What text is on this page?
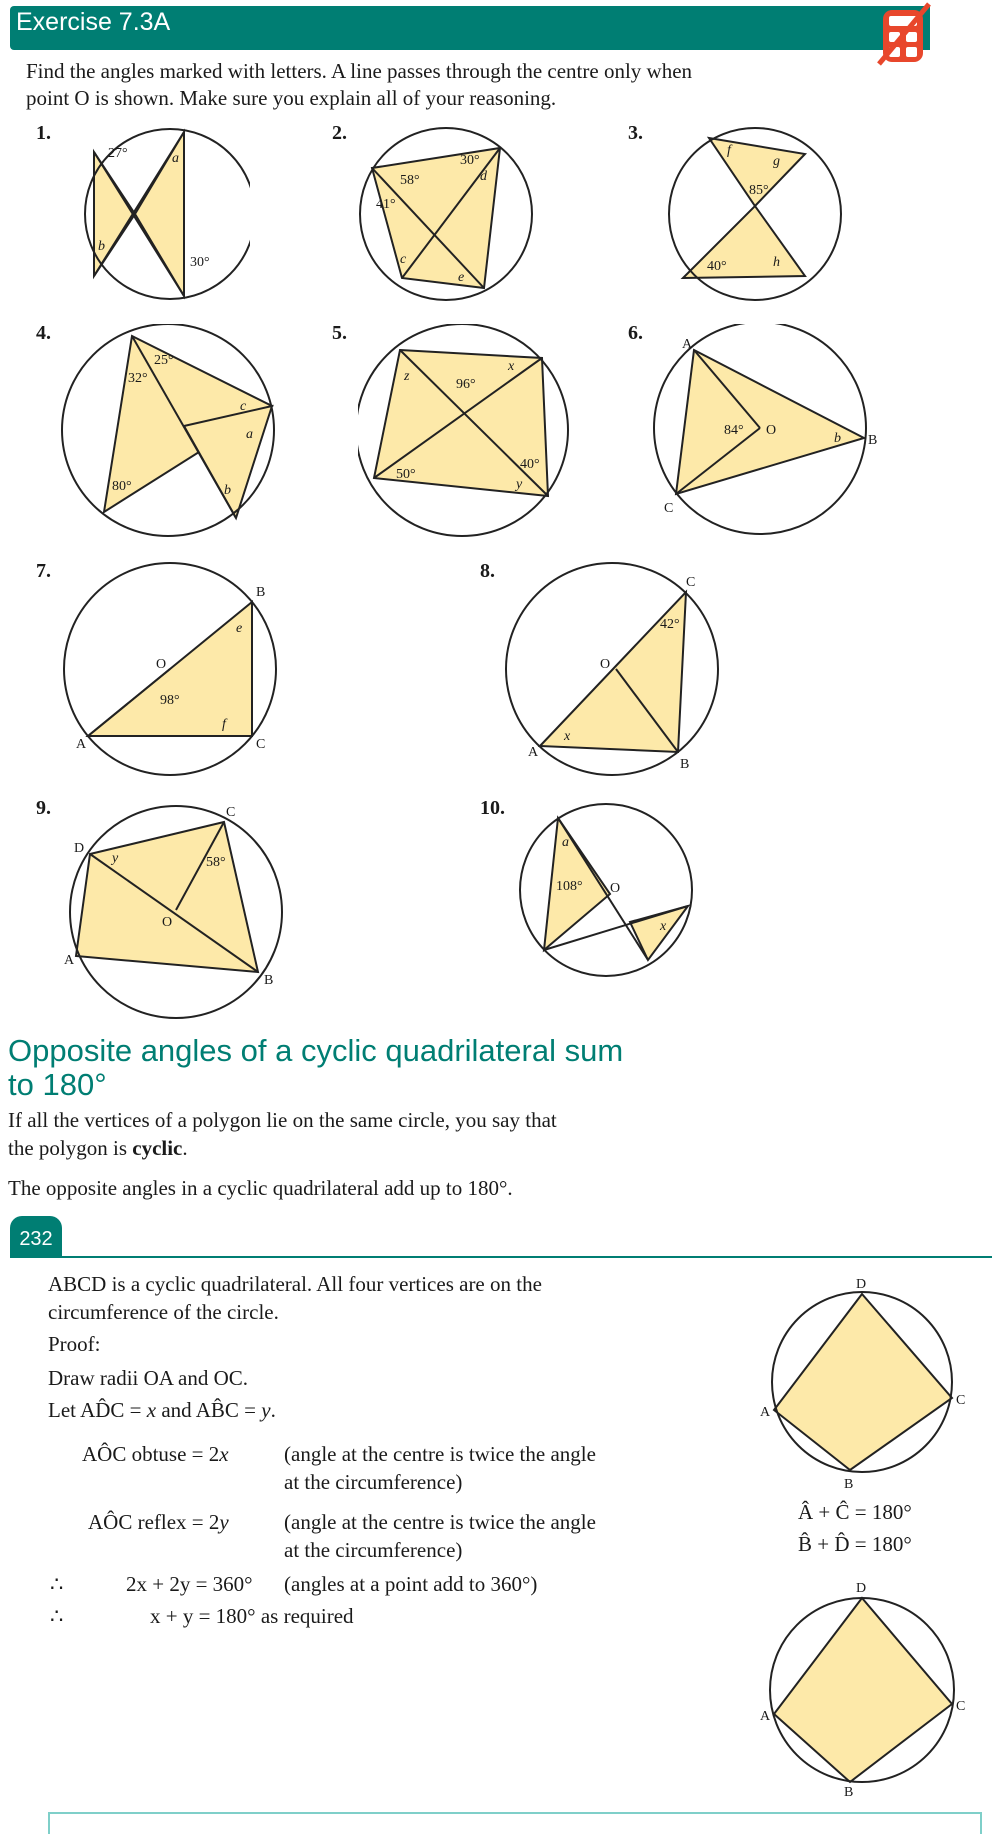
Exercise 7.3A
Find the angles marked with letters. A line passes through the centre only when
point O is shown. Make sure you explain all of your reasoning.
1.	2.	3.
4.	5.	6.
7.	8.
9.	10.
27°	a
b
30°
58°
30°
d
41°
c
e
f
g
85°
40°	h
25°
32°
c
a
80°	b
z
96°
x
40°
50°
y
A
84° O
b B
C
B
e
O
98°
A
f
C
C
42°
O
x
A
B
C
D
y	58°
O
A
B
a
108° O
x
Opposite angles of a cyclic quadrilateral sum
to 180°
If all the vertices of a polygon lie on the same circle, you say that
the polygon is cyclic.
The opposite angles in a cyclic quadrilateral add up to 180°.
232
ABCD is a cyclic quadrilateral. All four vertices are on the
circumference of the circle.
Proof:
Draw radii OA and OC.
Let AD̂C = x and AB̂C = y.
AÔC obtuse = 2x	(angle at the centre is twice the angle
at the circumference)
AÔC reflex = 2y	(angle at the centre is twice the angle
at the circumference)
∴	2x + 2y = 360° (angles at a point add to 360°)
∴	x + y = 180° as required
D
A
C
B
Â + Ĉ = 180°
B̂ + D̂ = 180°
D
A
C
B
